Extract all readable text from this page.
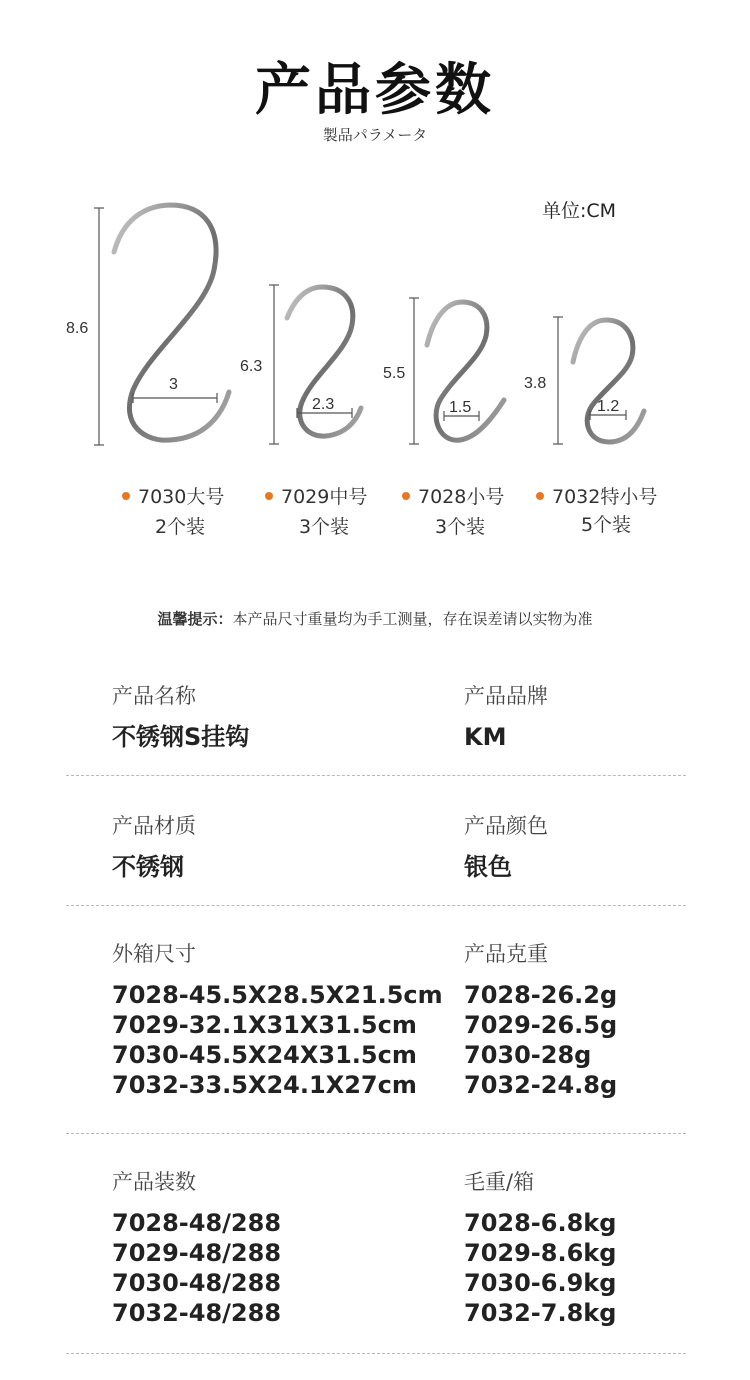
产品参数
製品パラメータ
单位:CM
8.6
3
6.3
2.3
5.5
1.5
3.8
1.2
7030大号	7029中号	7028小号	7032特小号
2个装	3个装	3个装	5个装
温馨提示：本产品尺寸重量均为手工测量，存在误差请以实物为准
产品名称
不锈钢S挂钩
产品品牌
KM
产品材质
不锈钢
产品颜色
银色
外箱尺寸
7028-45.5X28.5X21.5cm
7029-32.1X31X31.5cm
7030-45.5X24X31.5cm
7032-33.5X24.1X27cm
产品克重
7028-26.2g
7029-26.5g
7030-28g
7032-24.8g
产品装数
7028-48/288
7029-48/288
7030-48/288
7032-48/288
毛重/箱
7028-6.8kg
7029-8.6kg
7030-6.9kg
7032-7.8kg
